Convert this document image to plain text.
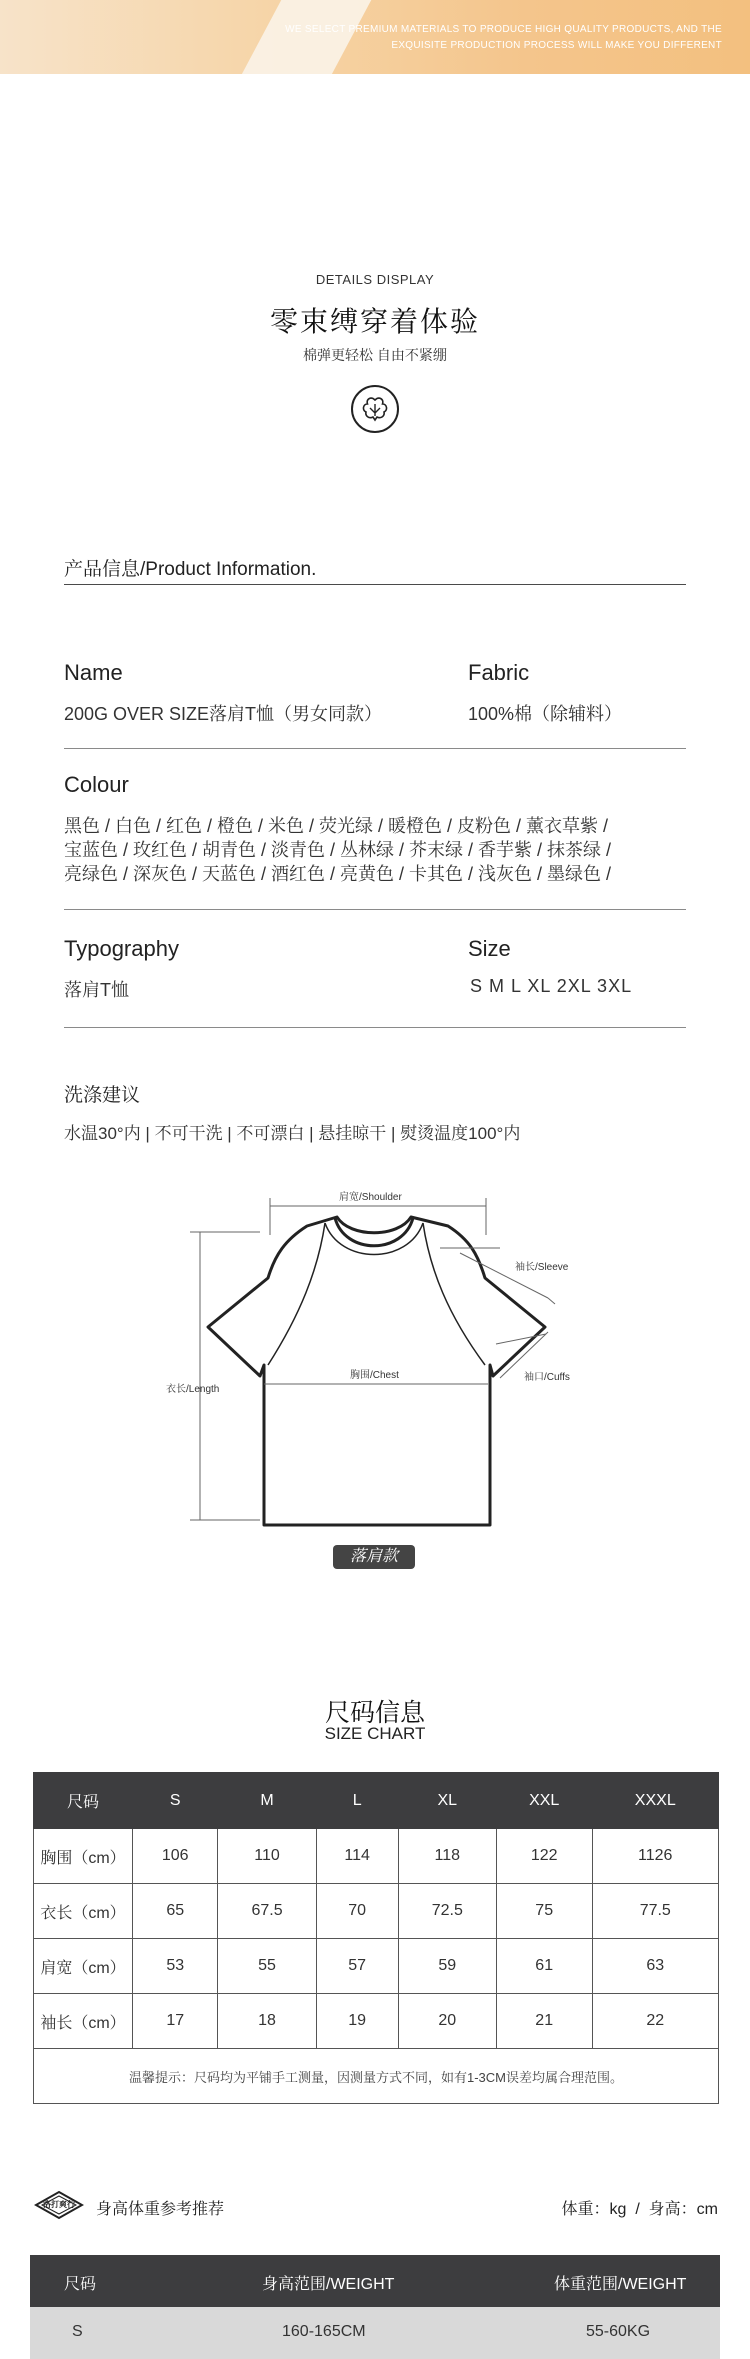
WE SELECT PREMIUM MATERIALS TO PRODUCE HIGH QUALITY PRODUCTS, AND THE EXQUISITE PRODUCTION PROCESS WILL MAKE YOU DIFFERENT
DETAILS DISPLAY
零束缚穿着体验
棉弹更轻松 自由不紧绷
产品信息/Product Information.
Name
200G OVER SIZE落肩T恤（男女同款）
Fabric
100%棉（除辅料）
Colour
黑色 / 白色 / 红色 / 橙色 / 米色 / 荧光绿 / 暖橙色 / 皮粉色 / 薰衣草紫 /
宝蓝色 / 玫红色 / 胡青色 / 淡青色 / 丛林绿 / 芥末绿 / 香芋紫 / 抹茶绿 /
亮绿色 / 深灰色 / 天蓝色 / 酒红色 / 亮黄色 / 卡其色 / 浅灰色 / 墨绿色 /
Typography
落肩T恤
Size
S M L XL 2XL 3XL
洗涤建议
水温30°内 | 不可干洗 | 不可漂白 | 悬挂晾干 | 熨烫温度100°内
肩宽/Shoulder
袖长/Sleeve
胸围/Chest
衣长/Length
袖口/Cuffs
落肩款
尺码信息
SIZE CHART
尺码	S	M	L	XL	XXL	XXXL
胸围（cm）	106	110	114	118	122	1126
衣长（cm）	65	67.5	70	72.5	75	77.5
肩宽（cm）	53	55	57	59	61	63
袖长（cm）	17	18	19	20	21	22
温馨提示：尺码均为平铺手工测量，因测量方式不同，如有1-3CM误差均属合理范围。						
洛打爽行	身高体重参考推荐	体重：kg  /  身高：cm
尺码	身高范围/WEIGHT	体重范围/WEIGHT
S	160-165CM	55-60KG
